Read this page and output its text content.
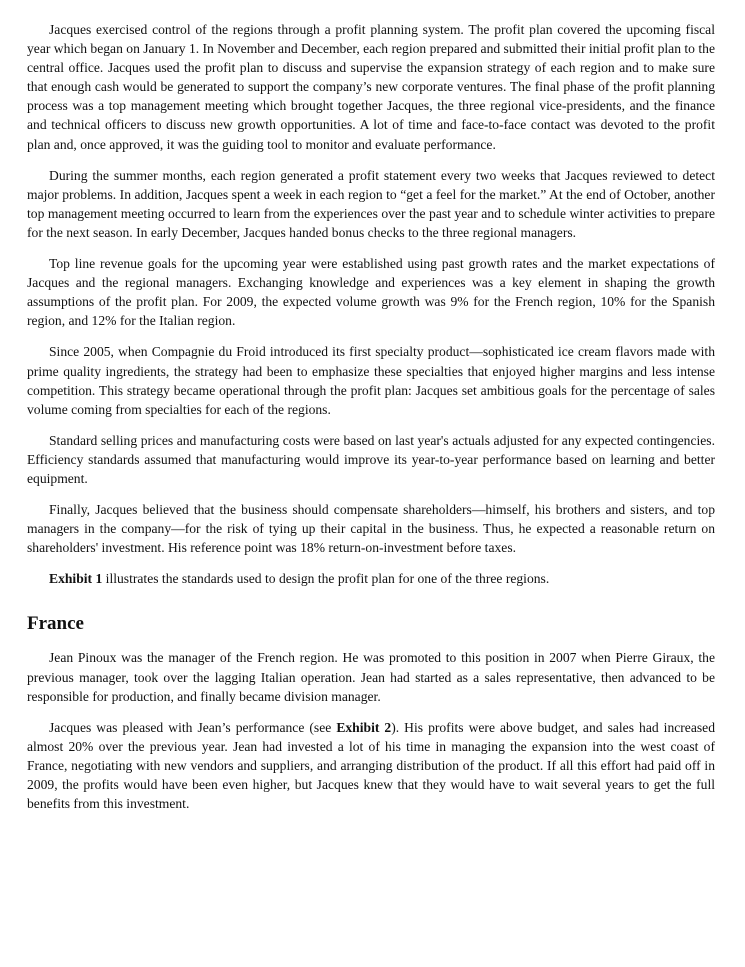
Jacques exercised control of the regions through a profit planning system. The profit plan covered the upcoming fiscal year which began on January 1. In November and December, each region prepared and submitted their initial profit plan to the central office. Jacques used the profit plan to discuss and supervise the expansion strategy of each region and to make sure that enough cash would be generated to support the company’s new corporate ventures. The final phase of the profit planning process was a top management meeting which brought together Jacques, the three regional vice-presidents, and the finance and technical officers to discuss new growth opportunities. A lot of time and face-to-face contact was devoted to the profit plan and, once approved, it was the guiding tool to monitor and evaluate performance.

During the summer months, each region generated a profit statement every two weeks that Jacques reviewed to detect major problems. In addition, Jacques spent a week in each region to “get a feel for the market.” At the end of October, another top management meeting occurred to learn from the experiences over the past year and to schedule winter activities to prepare for the next season. In early December, Jacques handed bonus checks to the three regional managers.

Top line revenue goals for the upcoming year were established using past growth rates and the market expectations of Jacques and the regional managers. Exchanging knowledge and experiences was a key element in shaping the growth assumptions of the profit plan. For 2009, the expected volume growth was 9% for the French region, 10% for the Spanish region, and 12% for the Italian region.

Since 2005, when Compagnie du Froid introduced its first specialty product—sophisticated ice cream flavors made with prime quality ingredients, the strategy had been to emphasize these specialties that enjoyed higher margins and less intense competition. This strategy became operational through the profit plan: Jacques set ambitious goals for the percentage of sales volume coming from specialties for each of the regions.

Standard selling prices and manufacturing costs were based on last year's actuals adjusted for any expected contingencies. Efficiency standards assumed that manufacturing would improve its year-to-year performance based on learning and better equipment.

Finally, Jacques believed that the business should compensate shareholders—himself, his brothers and sisters, and top managers in the company—for the risk of tying up their capital in the business. Thus, he expected a reasonable return on shareholders' investment. His reference point was 18% return-on-investment before taxes.

Exhibit 1 illustrates the standards used to design the profit plan for one of the three regions.

France

Jean Pinoux was the manager of the French region. He was promoted to this position in 2007 when Pierre Giraux, the previous manager, took over the lagging Italian operation. Jean had started as a sales representative, then advanced to be responsible for production, and finally became division manager.

Jacques was pleased with Jean’s performance (see Exhibit 2). His profits were above budget, and sales had increased almost 20% over the previous year. Jean had invested a lot of his time in managing the expansion into the west coast of France, negotiating with new vendors and suppliers, and arranging distribution of the product. If all this effort had paid off in 2009, the profits would have been even higher, but Jacques knew that they would have to wait several years to get the full benefits from this investment.
